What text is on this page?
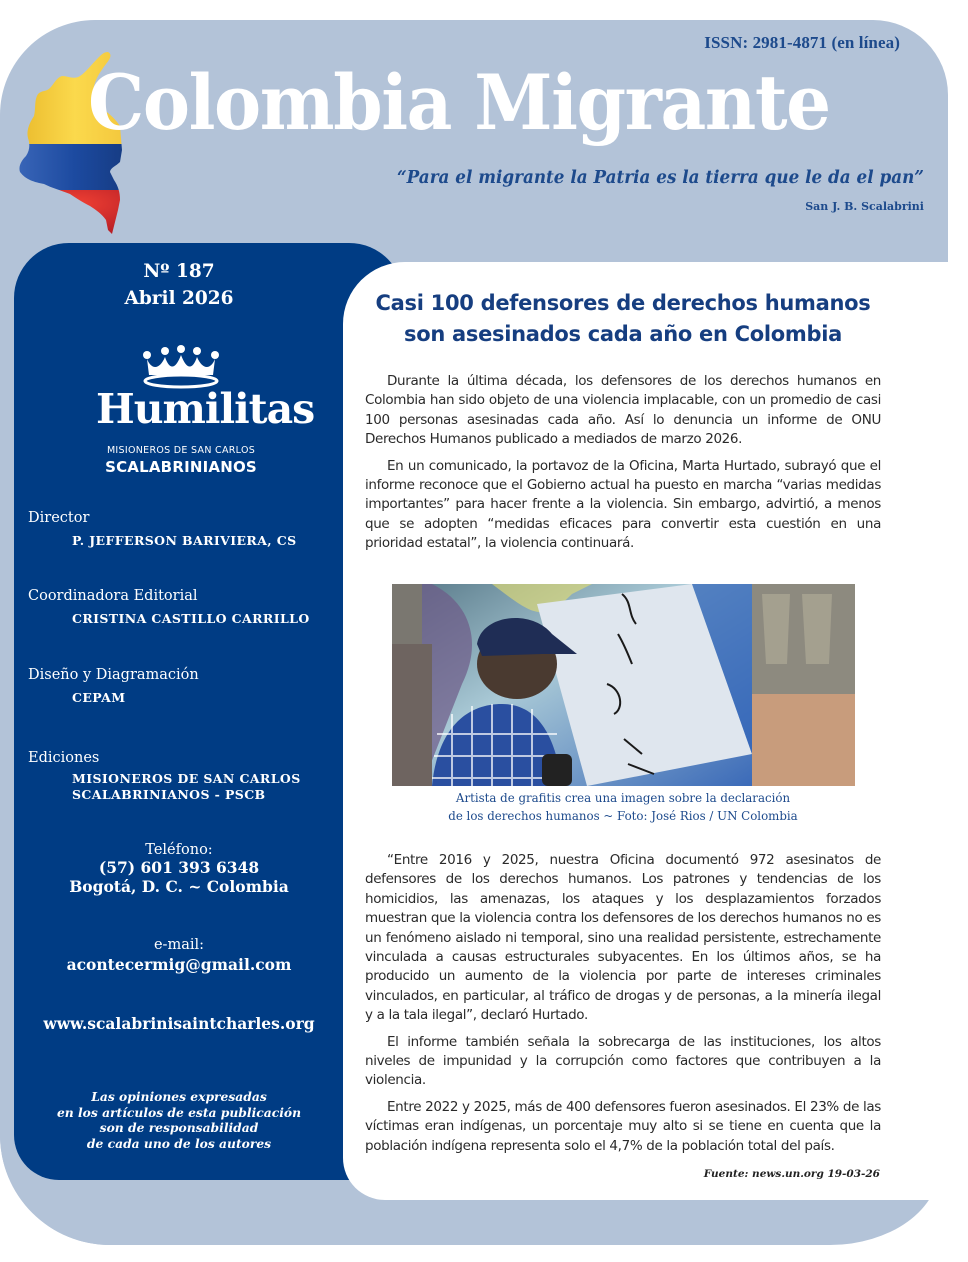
ISSN: 2981-4871 (en línea)
Colombia Migrante
“Para el migrante la Patria es la tierra que le da el pan”
San J. B. Scalabrini
Nº 187
Abril 2026
Humilitas
MISIONEROS DE SAN CARLOS
SCALABRINIANOS
Director
P. JEFFERSON BARIVIERA, CS
Coordinadora Editorial
CRISTINA CASTILLO CARRILLO
Diseño y Diagramación
CEPAM
Ediciones
MISIONEROS DE SAN CARLOS
SCALABRINIANOS - PSCB
Teléfono:
(57) 601 393 6348
Bogotá, D. C. ~ Colombia
e-mail:
acontecermig@gmail.com
www.scalabrinisaintcharles.org
Las opiniones expresadas
en los artículos de esta publicación
son de responsabilidad
de cada uno de los autores
Casi 100 defensores de derechos humanos
son asesinados cada año en Colombia

Durante la última década, los defensores de los derechos humanos en Colombia han sido objeto de una violencia implacable, con un promedio de casi 100 personas asesinadas cada año. Así lo denuncia un informe de ONU Derechos Humanos publicado a mediados de marzo 2026.

En un comunicado, la portavoz de la Oficina, Marta Hurtado, subrayó que el informe reconoce que el Gobierno actual ha puesto en marcha “varias medidas importantes” para hacer frente a la violencia. Sin embargo, advirtió, a menos que se adopten “medidas eficaces para convertir esta cuestión en una prioridad estatal”, la violencia continuará.

Artista de grafitis crea una imagen sobre la declaración
de los derechos humanos ~ Foto: José Rios / UN Colombia

“Entre 2016 y 2025, nuestra Oficina documentó 972 asesinatos de defensores de los derechos humanos. Los patrones y tendencias de los homicidios, las amenazas, los ataques y los desplazamientos forzados muestran que la violencia contra los defensores de los derechos humanos no es un fenómeno aislado ni temporal, sino una realidad persistente, estrechamente vinculada a causas estructurales subyacentes. En los últimos años, se ha producido un aumento de la violencia por parte de intereses criminales vinculados, en particular, al tráfico de drogas y de personas, a la minería ilegal y a la tala ilegal”, declaró Hurtado.

El informe también señala la sobrecarga de las instituciones, los altos niveles de impunidad y la corrupción como factores que contribuyen a la violencia.

Entre 2022 y 2025, más de 400 defensores fueron asesinados. El 23% de las víctimas eran indígenas, un porcentaje muy alto si se tiene en cuenta que la población indígena representa solo el 4,7% de la población total del país.

Fuente: news.un.org 19-03-26
